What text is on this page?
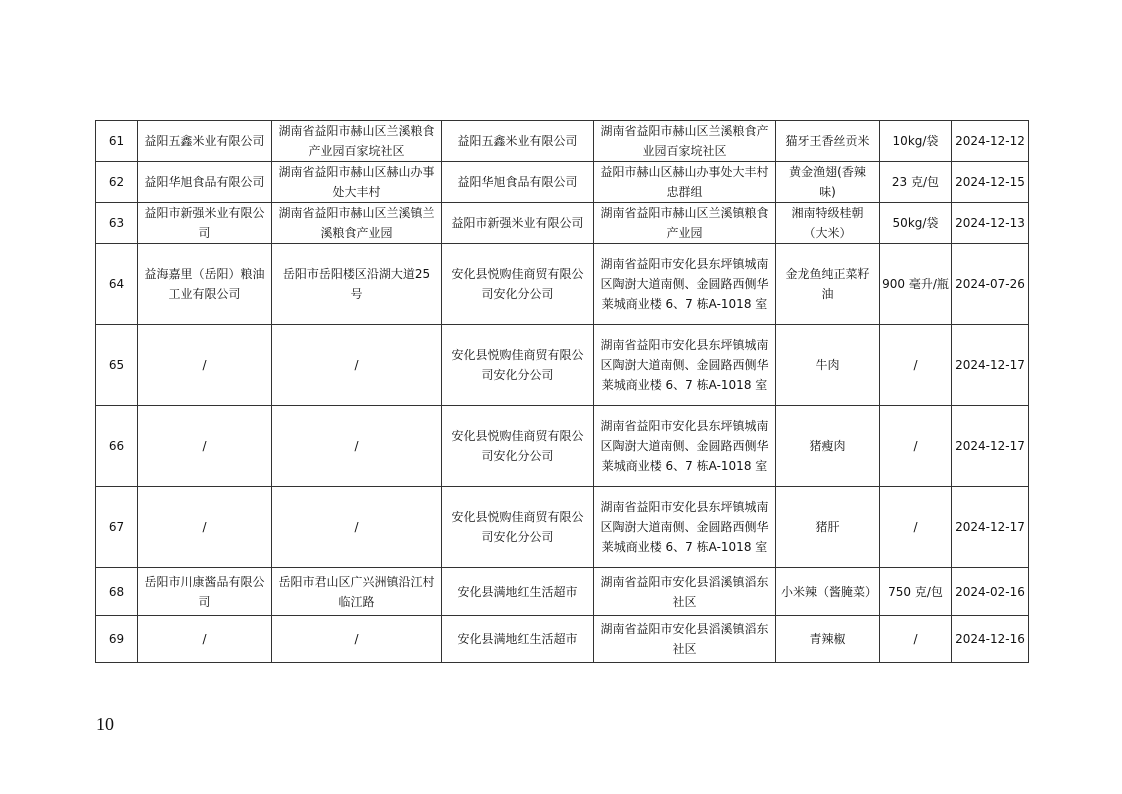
61	益阳五鑫米业有限公司	湖南省益阳市赫山区兰溪粮食产业园百家垸社区	益阳五鑫米业有限公司	湖南省益阳市赫山区兰溪粮食产业园百家垸社区	猫牙王香丝贡米	10kg/袋	2024-12-12
62	益阳华旭食品有限公司	湖南省益阳市赫山区赫山办事处大丰村	益阳华旭食品有限公司	益阳市赫山区赫山办事处大丰村忠群组	黄金渔翅(香辣味)	23 克/包	2024-12-15
63	益阳市新强米业有限公司	湖南省益阳市赫山区兰溪镇兰溪粮食产业园	益阳市新强米业有限公司	湖南省益阳市赫山区兰溪镇粮食产业园	湘南特级桂朝（大米）	50kg/袋	2024-12-13
64	益海嘉里（岳阳）粮油工业有限公司	岳阳市岳阳楼区沿湖大道25 号	安化县悦购佳商贸有限公司安化分公司	湖南省益阳市安化县东坪镇城南区陶澍大道南侧、金圆路西侧华莱城商业楼 6、7 栋A-1018 室	金龙鱼纯正菜籽油	900 毫升/瓶	2024-07-26
65	/	/	安化县悦购佳商贸有限公司安化分公司	湖南省益阳市安化县东坪镇城南区陶澍大道南侧、金圆路西侧华莱城商业楼 6、7 栋A-1018 室	牛肉	/	2024-12-17
66	/	/	安化县悦购佳商贸有限公司安化分公司	湖南省益阳市安化县东坪镇城南区陶澍大道南侧、金圆路西侧华莱城商业楼 6、7 栋A-1018 室	猪瘦肉	/	2024-12-17
67	/	/	安化县悦购佳商贸有限公司安化分公司	湖南省益阳市安化县东坪镇城南区陶澍大道南侧、金圆路西侧华莱城商业楼 6、7 栋A-1018 室	猪肝	/	2024-12-17
68	岳阳市川康酱品有限公司	岳阳市君山区广兴洲镇沿江村临江路	安化县满地红生活超市	湖南省益阳市安化县滔溪镇滔东社区	小米辣（酱腌菜）	750 克/包	2024-02-16
69	/	/	安化县满地红生活超市	湖南省益阳市安化县滔溪镇滔东社区	青辣椒	/	2024-12-16
10
